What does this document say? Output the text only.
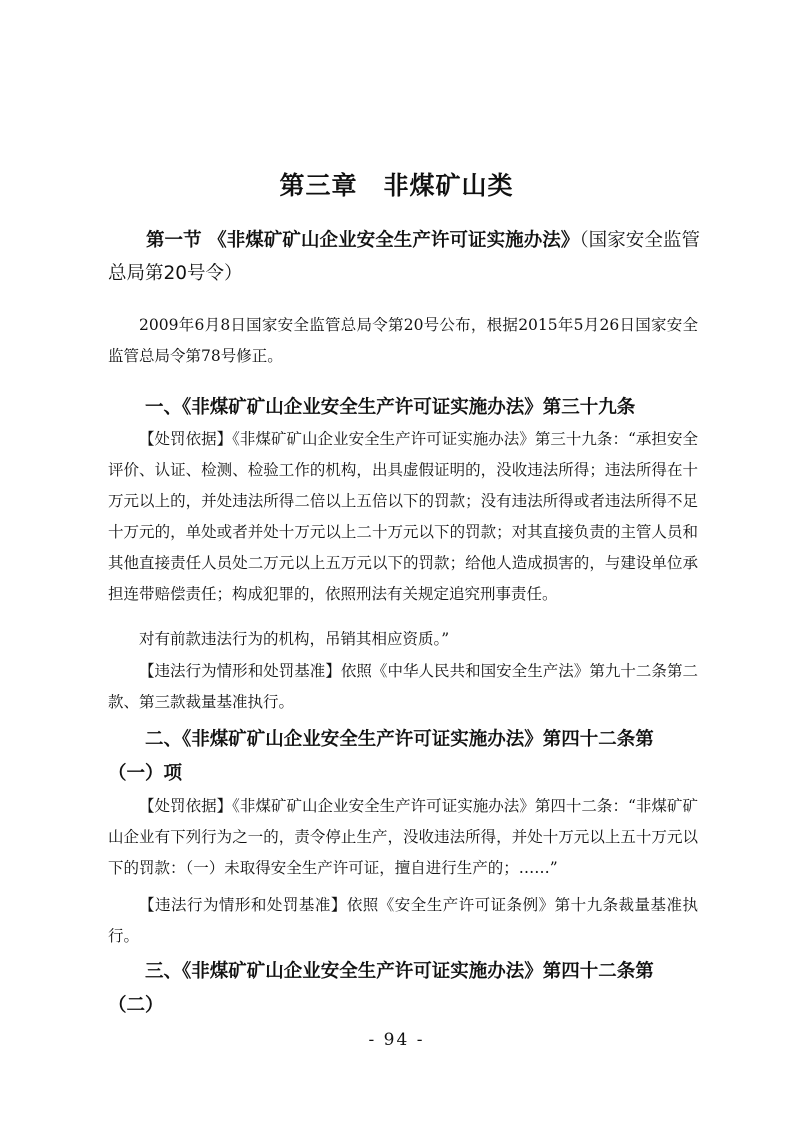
第三章　非煤矿山类
第一节 《非煤矿矿山企业安全生产许可证实施办法》（国家安全监管总局第20号令）
2009年6月8日国家安全监管总局令第20号公布，根据2015年5月26日国家安全监管总局令第78号修正。
一、《非煤矿矿山企业安全生产许可证实施办法》第三十九条
【处罚依据】《非煤矿矿山企业安全生产许可证实施办法》第三十九条：“承担安全评价、认证、检测、检验工作的机构，出具虚假证明的，没收违法所得；违法所得在十万元以上的，并处违法所得二倍以上五倍以下的罚款；没有违法所得或者违法所得不足十万元的，单处或者并处十万元以上二十万元以下的罚款；对其直接负责的主管人员和其他直接责任人员处二万元以上五万元以下的罚款；给他人造成损害的，与建设单位承担连带赔偿责任；构成犯罪的，依照刑法有关规定追究刑事责任。
对有前款违法行为的机构，吊销其相应资质。”
【违法行为情形和处罚基准】依照《中华人民共和国安全生产法》第九十二条第二款、第三款裁量基准执行。
二、《非煤矿矿山企业安全生产许可证实施办法》第四十二条第（一）项
【处罚依据】《非煤矿矿山企业安全生产许可证实施办法》第四十二条：“非煤矿矿山企业有下列行为之一的，责令停止生产，没收违法所得，并处十万元以上五十万元以下的罚款：（一）未取得安全生产许可证，擅自进行生产的；……”
【违法行为情形和处罚基准】依照《安全生产许可证条例》第十九条裁量基准执行。
三、《非煤矿矿山企业安全生产许可证实施办法》第四十二条第（二）
- 94 -
